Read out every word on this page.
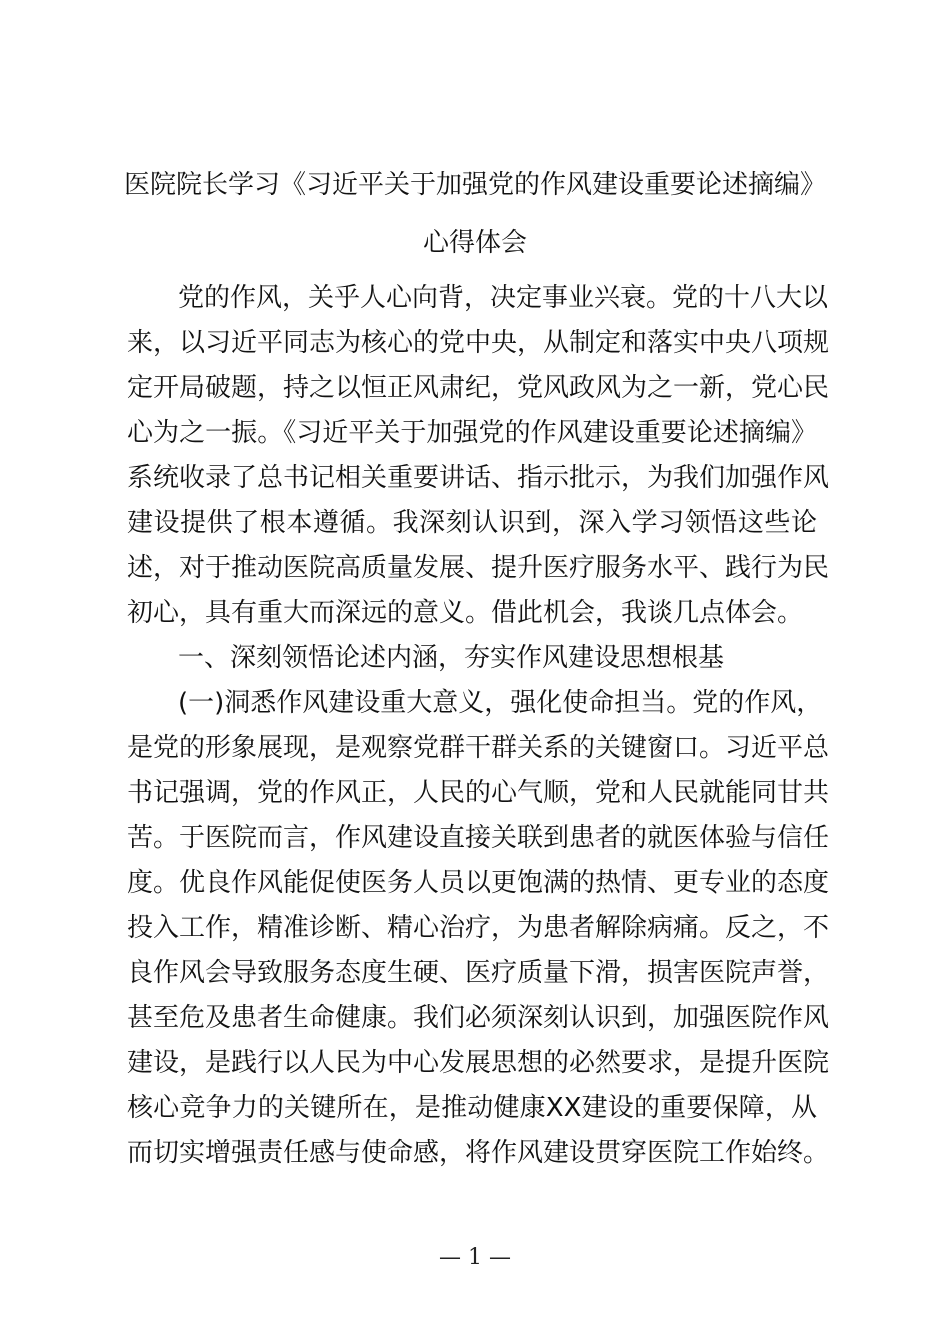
医院院长学习《习近平关于加强党的作风建设重要论述摘编》
心得体会
党的作风，关乎人心向背，决定事业兴衰。党的十八大以
来，以习近平同志为核心的党中央，从制定和落实中央八项规
定开局破题，持之以恒正风肃纪，党风政风为之一新，党心民
心为之一振。《习近平关于加强党的作风建设重要论述摘编》
系统收录了总书记相关重要讲话、指示批示，为我们加强作风
建设提供了根本遵循。我深刻认识到，深入学习领悟这些论
述，对于推动医院高质量发展、提升医疗服务水平、践行为民
初心，具有重大而深远的意义。借此机会，我谈几点体会。
一、深刻领悟论述内涵，夯实作风建设思想根基
(一)洞悉作风建设重大意义，强化使命担当。党的作风，
是党的形象展现，是观察党群干群关系的关键窗口。习近平总
书记强调，党的作风正，人民的心气顺，党和人民就能同甘共
苦。于医院而言，作风建设直接关联到患者的就医体验与信任
度。优良作风能促使医务人员以更饱满的热情、更专业的态度
投入工作，精准诊断、精心治疗，为患者解除病痛。反之，不
良作风会导致服务态度生硬、医疗质量下滑，损害医院声誉，
甚至危及患者生命健康。我们必须深刻认识到，加强医院作风
建设，是践行以人民为中心发展思想的必然要求，是提升医院
核心竞争力的关键所在，是推动健康XX建设的重要保障，从
而切实增强责任感与使命感，将作风建设贯穿医院工作始终。
— 1 —
